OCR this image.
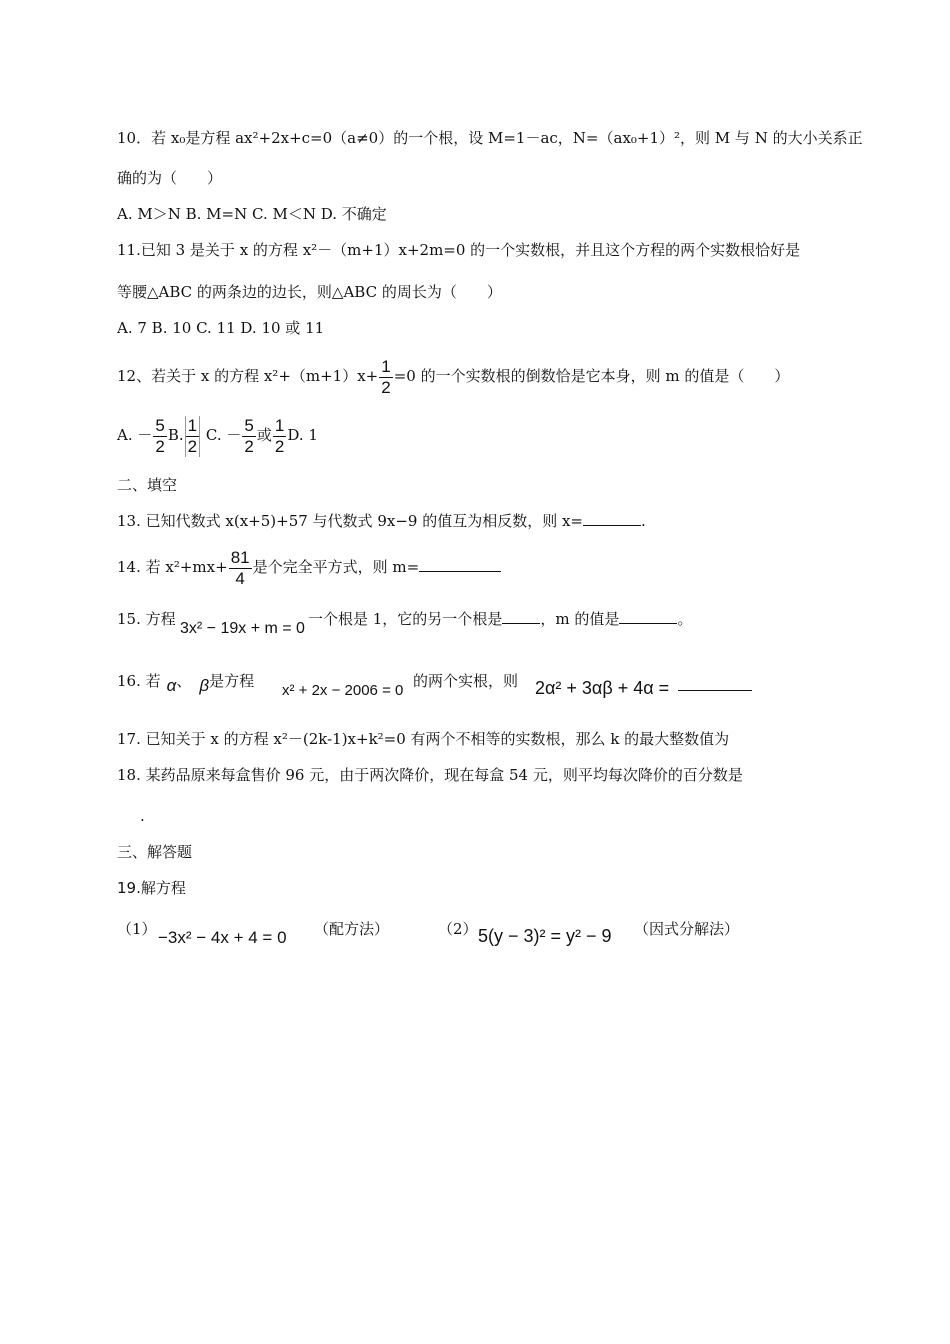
10．若 x₀是方程 ax²+2x+c=0（a≠0）的一个根，设 M=1－ac，N=（ax₀+1）²，则 M 与 N 的大小关系正
确的为（　　）
A. M＞N B. M=N C. M＜N D. 不确定
11.已知 3 是关于 x 的方程 x²－（m+1）x+2m=0 的一个实数根，并且这个方程的两个实数根恰好是
等腰△ABC 的两条边的边长，则△ABC 的周长为（　　）
A. 7 B. 10 C. 11 D. 10 或 11
12、若关于 x 的方程 $x^2+(m+1)x+ \frac{1}{2} =0$ 的一个实数根的倒数恰是它本身，则 m 的值是（　　）
A. － $\frac{5}{2} B$. $\frac{1}{2} C$. － $\frac{5}{2}$ 或 $\frac{1}{2} D$. 1
二、填空
13. 已知代数式 x(x+5)+57 与代数式 9x−9 的值互为相反数，则 x=	.
14. 若 $x^2+mx+ \frac{81}{4}$ 是个完全平方式，则 m=
15. 方程
3x² − 19x + m = 0
一个根是 1，它的另一个根是	，m 的值是	。
16. 若 α、 β是方程
x² + 2x − 2006 = 0
的两个实根，则 2α² + 3αβ + 4α =
17. 已知关于 x 的方程 x²－(2k-1)x+k²=0 有两个不相等的实数根，那么 k 的最大整数值为
18. 某药品原来每盒售价 96 元，由于两次降价，现在每盒 54 元，则平均每次降价的百分数是
.
三、解答题
19.解方程
（1） −3x² − 4x + 4 = 0 （配方法）	（2） 5(y − 3)² = y² − 9 （因式分解法）
